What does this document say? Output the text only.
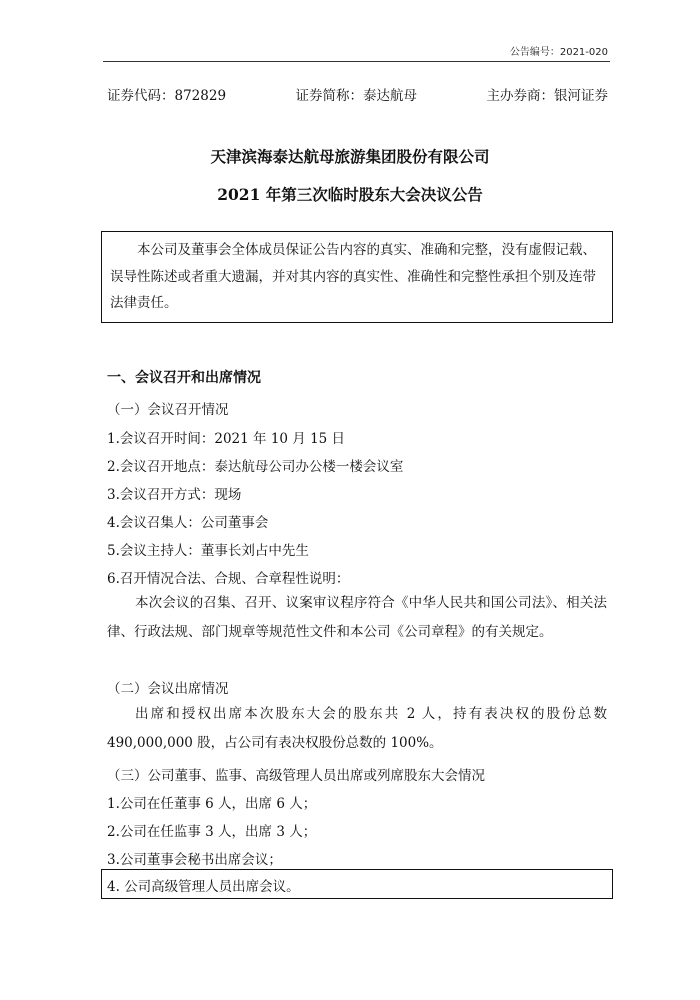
公告编号：2021-020
证券代码：872829	证券简称：泰达航母	主办券商：银河证券
天津滨海泰达航母旅游集团股份有限公司
2021 年第三次临时股东大会决议公告
本公司及董事会全体成员保证公告内容的真实、准确和完整，没有虚假记载、误导性陈述或者重大遗漏，并对其内容的真实性、准确性和完整性承担个别及连带法律责任。
一、会议召开和出席情况
（一）会议召开情况
1.会议召开时间：2021 年 10 月 15 日
2.会议召开地点：泰达航母公司办公楼一楼会议室
3.会议召开方式：现场
4.会议召集人：公司董事会
5.会议主持人：董事长刘占中先生
6.召开情况合法、合规、合章程性说明：
本次会议的召集、召开、议案审议程序符合《中华人民共和国公司法》、相关法律、行政法规、部门规章等规范性文件和本公司《公司章程》的有关规定。
（二）会议出席情况
出席和授权出席本次股东大会的股东共 2 人，持有表决权的股份总数490,000,000 股，占公司有表决权股份总数的 100%。
（三）公司董事、监事、高级管理人员出席或列席股东大会情况
1.公司在任董事 6 人，出席 6 人；
2.公司在任监事 3 人，出席 3 人；
3.公司董事会秘书出席会议；
4. 公司高级管理人员出席会议。
